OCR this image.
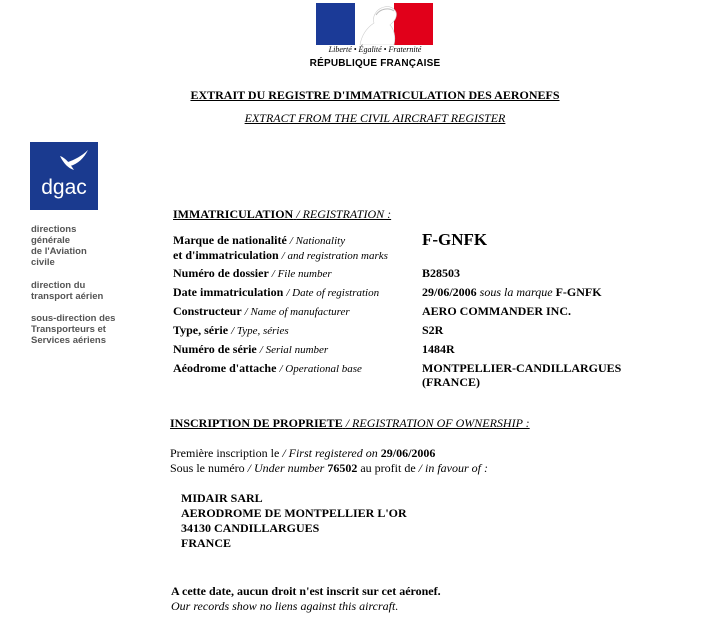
Liberté • Égalité • Fraternité
RÉPUBLIQUE FRANÇAISE
EXTRAIT DU REGISTRE D'IMMATRICULATION DES AERONEFS
EXTRACT FROM THE CIVIL AIRCRAFT REGISTER
dgac
directions
générale
de l'Aviation
civile
direction du
transport aérien
sous-direction des
Transporteurs et
Services aériens
IMMATRICULATION / REGISTRATION :
Marque de nationalité / Nationality
et d'immatriculation / and registration marks
F-GNFK
Numéro de dossier / File number	B28503
Date immatriculation / Date of registration	29/06/2006 sous la marque F-GNFK
Constructeur / Name of manufacturer	AERO COMMANDER INC.
Type, série / Type, séries	S2R
Numéro de série / Serial number	1484R
Aéodrome d'attache / Operational base	MONTPELLIER-CANDILLARGUES
(FRANCE)
INSCRIPTION DE PROPRIETE / REGISTRATION OF OWNERSHIP :
Première inscription le / First registered on 29/06/2006
Sous le numéro / Under number 76502 au profit de / in favour of :
MIDAIR SARL
AERODROME DE MONTPELLIER L'OR
34130 CANDILLARGUES
FRANCE
A cette date, aucun droit n'est inscrit sur cet aéronef.
Our records show no liens against this aircraft.
